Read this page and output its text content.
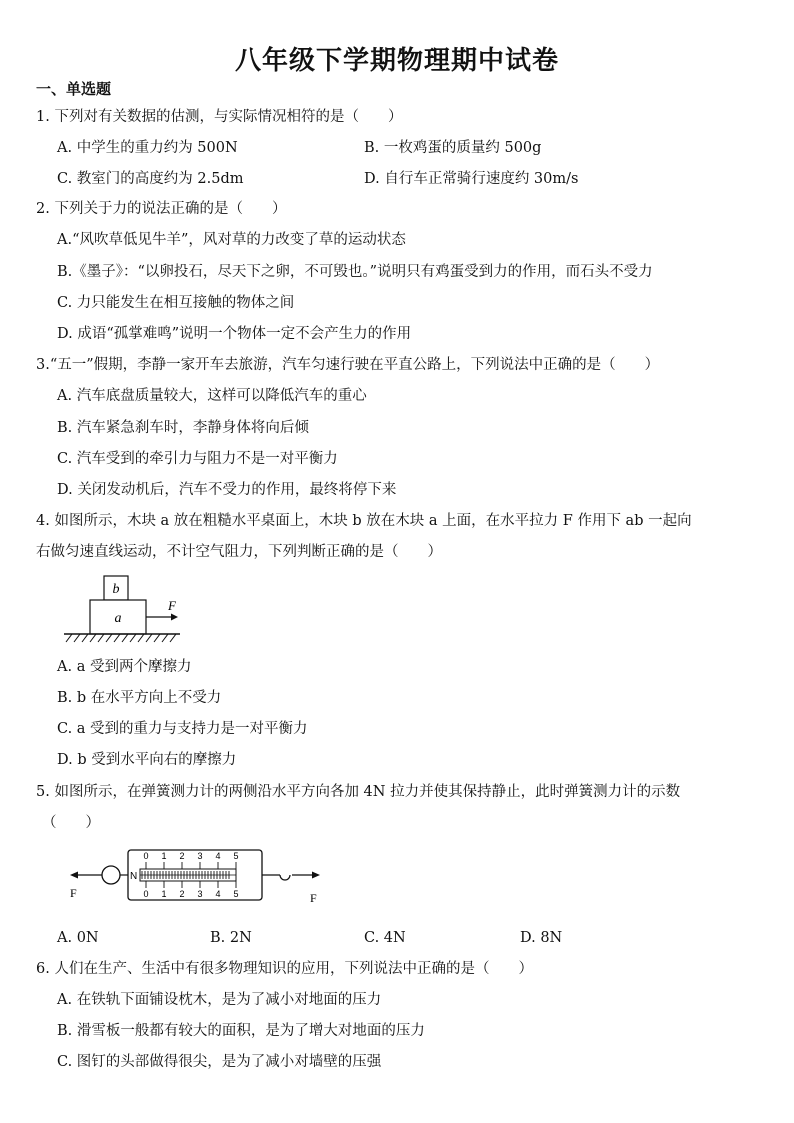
八年级下学期物理期中试卷
一、单选题
1. 下列对有关数据的估测，与实际情况相符的是（　　）
A. 中学生的重力约为 500N	B. 一枚鸡蛋的质量约 500g
C. 教室门的高度约为 2.5dm	D. 自行车正常骑行速度约 30m/s
2. 下列关于力的说法正确的是（　　）
A.“风吹草低见牛羊”，风对草的力改变了草的运动状态
B.《墨子》：“以卵投石，尽天下之卵，不可毁也。”说明只有鸡蛋受到力的作用，而石头不受力
C. 力只能发生在相互接触的物体之间
D. 成语“孤掌难鸣”说明一个物体一定不会产生力的作用
3.“五一”假期，李静一家开车去旅游，汽车匀速行驶在平直公路上，下列说法中正确的是（　　）
A. 汽车底盘质量较大，这样可以降低汽车的重心
B. 汽车紧急刹车时，李静身体将向后倾
C. 汽车受到的牵引力与阻力不是一对平衡力
D. 关闭发动机后，汽车不受力的作用，最终将停下来
4. 如图所示，木块 a 放在粗糙水平桌面上，木块 b 放在木块 a 上面，在水平拉力 F 作用下 ab 一起向
右做匀速直线运动，不计空气阻力，下列判断正确的是（　　）
b
a
F
A. a 受到两个摩擦力
B. b 在水平方向上不受力
C. a 受到的重力与支持力是一对平衡力
D. b 受到水平向右的摩擦力
5. 如图所示，在弹簧测力计的两侧沿水平方向各加 4N 拉力并使其保持静止，此时弹簧测力计的示数
（　　）
N
0 1 2 3 4 5
0 1 2 3 4 5
F	F
A. 0N	B. 2N	C. 4N	D. 8N
6. 人们在生产、生活中有很多物理知识的应用，下列说法中正确的是（　　）
A. 在铁轨下面铺设枕木，是为了减小对地面的压力
B. 滑雪板一般都有较大的面积，是为了增大对地面的压力
C. 图钉的头部做得很尖，是为了减小对墙壁的压强
